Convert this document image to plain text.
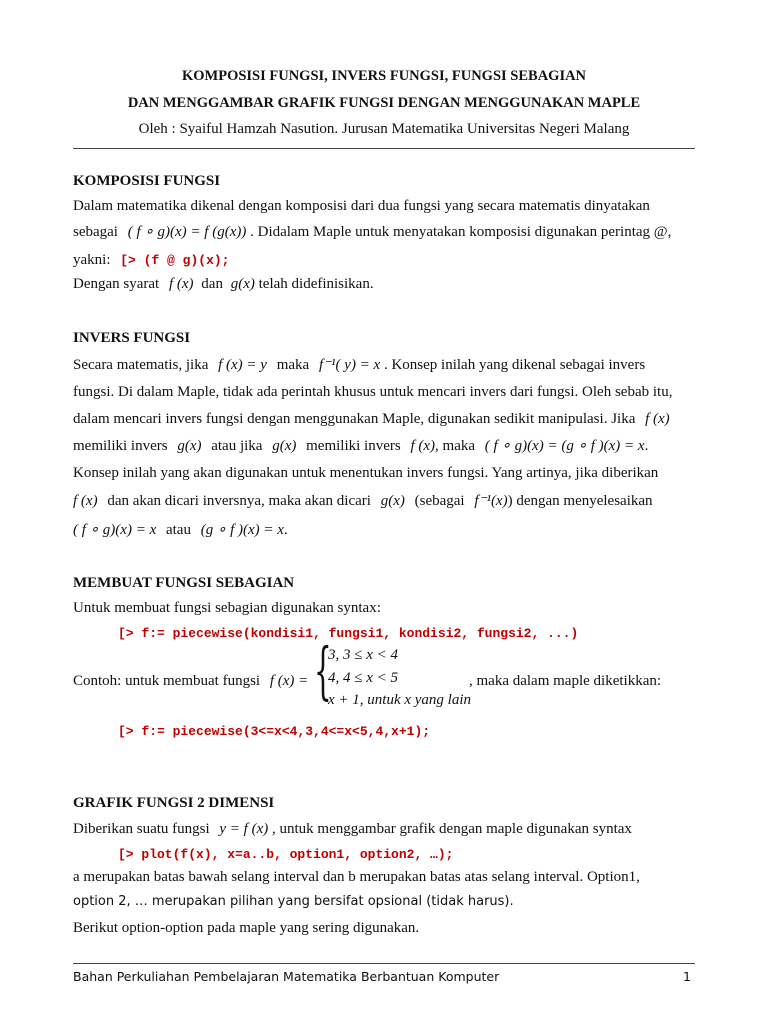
KOMPOSISI FUNGSI, INVERS FUNGSI, FUNGSI SEBAGIAN
DAN MENGGAMBAR GRAFIK FUNGSI DENGAN MENGGUNAKAN MAPLE
Oleh : Syaiful Hamzah Nasution. Jurusan Matematika Universitas Negeri Malang
KOMPOSISI FUNGSI
Dalam matematika dikenal dengan komposisi dari dua fungsi yang secara matematis dinyatakan
sebagai ( f ∘ g)(x) = f (g(x)) . Didalam Maple untuk menyatakan komposisi digunakan perintag @,
yakni: [> (f @ g)(x);
Dengan syarat f (x) dan g(x) telah didefinisikan.
INVERS FUNGSI
Secara matematis, jika f (x) = y maka f⁻¹( y) = x . Konsep inilah yang dikenal sebagai invers
fungsi. Di dalam Maple, tidak ada perintah khusus untuk mencari invers dari fungsi. Oleh sebab itu,
dalam mencari invers fungsi dengan menggunakan Maple, digunakan sedikit manipulasi. Jika f (x)
memiliki invers g(x) atau jika g(x) memiliki invers f (x), maka ( f ∘ g)(x) = (g ∘ f )(x) = x.
Konsep inilah yang akan digunakan untuk menentukan invers fungsi. Yang artinya, jika diberikan
f (x) dan akan dicari inversnya, maka akan dicari g(x) (sebagai f⁻¹(x)) dengan menyelesaikan
( f ∘ g)(x) = x atau (g ∘ f )(x) = x.
MEMBUAT FUNGSI SEBAGIAN
Untuk membuat fungsi sebagian digunakan syntax:
[> f:= piecewise(kondisi1, fungsi1, kondisi2, fungsi2, ...)
Contoh: untuk membuat fungsi f (x) = {
3, 3 ≤ x < 4
4, 4 ≤ x < 5
x + 1, untuk x yang lain
, maka dalam maple diketikkan:
[> f:= piecewise(3<=x<4,3,4<=x<5,4,x+1);
GRAFIK FUNGSI 2 DIMENSI
Diberikan suatu fungsi y = f (x) , untuk menggambar grafik dengan maple digunakan syntax
[> plot(f(x), x=a..b, option1, option2, …);
a merupakan batas bawah selang interval dan b merupakan batas atas selang interval. Option1,
option 2, … merupakan pilihan yang bersifat opsional (tidak harus).
Berikut option-option pada maple yang sering digunakan.
Bahan Perkuliahan Pembelajaran Matematika Berbantuan Komputer	1
